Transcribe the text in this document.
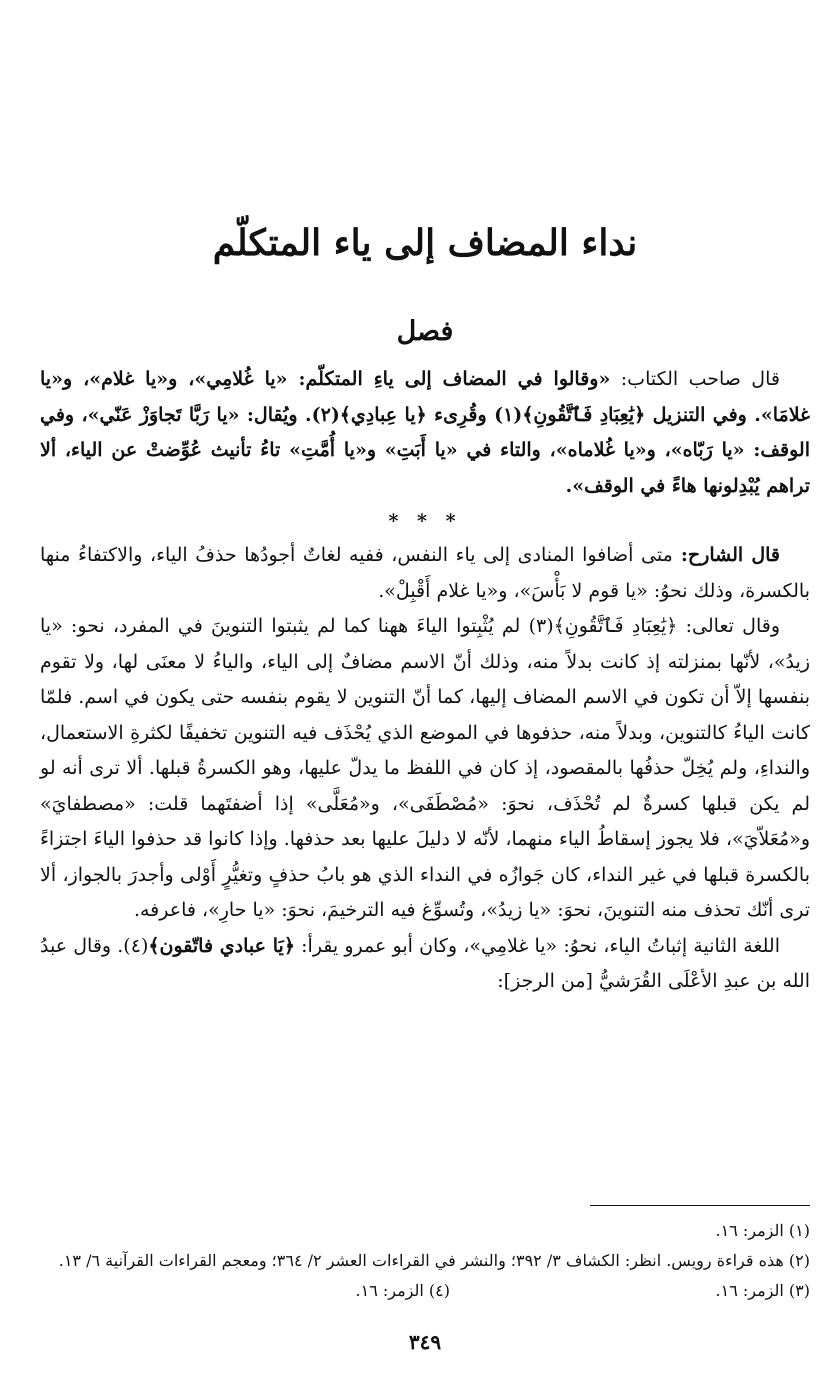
نداء المضاف إلى ياء المتكلّم
فصل

قال صاحب الكتاب: «وقالوا في المضاف إلى ياءِ المتكلّم: «يا غُلامِي»، و«يا غلام»، و«يا غلامَا». وفي التنزيل ﴿يَٰعِبَادِ فَٱتَّقُونِ﴾(١) وقُرِىء ﴿يا عِبادِي﴾(٢). ويُقال: «يا رَبَّا تَجاوَزْ عَنّي»، وفي الوقف: «يا رَبّاه»، و«يا غُلاماه»، والتاء في «يا أَبَتِ» و«يا أُمَّتِ» تاءُ تأنيث عُوِّضتْ عن الياء، ألا تراهم يُبْدِلونها هاءً في الوقف».

* * *

قال الشارح: متى أضافوا المنادى إلى ياء النفس، ففيه لغاتٌ أجودُها حذفُ الياء، والاكتفاءُ منها بالكسرة، وذلك نحوُ: «يا قوم لا بَأْسَ»، و«يا غلام أَقْبِلْ».

وقال تعالى: ﴿يَٰعِبَادِ فَٱتَّقُونِ﴾(٣) لم يُثْبِتوا الياءَ ههنا كما لم يثبتوا التنوينَ في المفرد، نحو: «يا زيدُ»، لأنّها بمنزلته إذ كانت بدلاً منه، وذلك أنّ الاسم مضافٌ إلى الياء، والياءُ لا معنَى لها، ولا تقوم بنفسها إلاّ أن تكون في الاسم المضاف إليها، كما أنّ التنوين لا يقوم بنفسه حتى يكون في اسم. فلمّا كانت الياءُ كالتنوين، وبدلاً منه، حذفوها في الموضع الذي يُحْذَف فيه التنوين تخفيفًا لكثرةِ الاستعمال، والنداءِ، ولم يُخِلّ حذفُها بالمقصود، إذ كان في اللفظ ما يدلّ عليها، وهو الكسرةُ قبلها. ألا ترى أنه لو لم يكن قبلها كسرةٌ لم تُحْذَف، نحوَ: «مُصْطَفَى»، و«مُعَلَّى» إذا أضفتَهما قلت: «مصطفايَ» و«مُعَلاّيَ»، فلا يجوز إسقاطُ الياء منهما، لأنّه لا دليلَ عليها بعد حذفها. وإذا كانوا قد حذفوا الياءَ اجتزاءً بالكسرة قبلها في غير النداء، كان جَوازُه في النداء الذي هو بابُ حذفٍ وتغيُّرٍ أَوْلى وأجدرَ بالجواز، ألا ترى أنّك تحذف منه التنوينَ، نحوَ: «يا زيدُ»، وتُسوِّغ فيه الترخيمَ، نحوَ: «يا حارِ»، فاعرفه.

اللغة الثانية إثباتُ الياء، نحوُ: «يا غلامِي»، وكان أبو عمرو يقرأ: ﴿يَا عبادي فاتّقون﴾(٤). وقال عبدُ الله بن عبدِ الأعْلَى القُرَشيُّ [من الرجز]:

(١) الزمر: ١٦.

(٢) هذه قراءة رويس. انظر: الكشاف ٣/ ٣٩٢؛ والنشر في القراءات العشر ٢/ ٣٦٤؛ ومعجم القراءات القرآنية ٦/ ١٣.

(٣) الزمر: ١٦.
(٤) الزمر: ١٦.

٣٤٩
